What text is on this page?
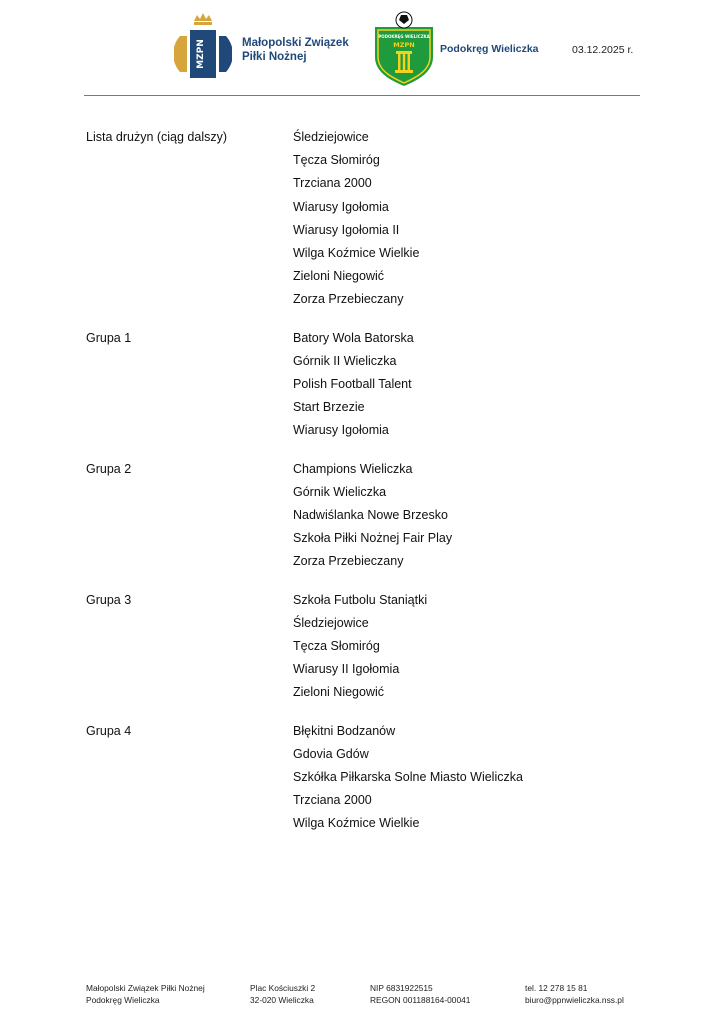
MZPN	Małopolski Związek
Piłki Nożnej
PODOKRĘG WIELICZKA
MZPN Podokręg Wieliczka	03.12.2025 r.
Lista drużyn (ciąg dalszy)	Śledziejowice
Tęcza Słomiróg
Trzciana 2000
Wiarusy Igołomia
Wiarusy Igołomia II
Wilga Koźmice Wielkie
Zieloni Niegowić
Zorza Przebieczany
Grupa 1	Batory Wola Batorska
Górnik II Wieliczka
Polish Football Talent
Start Brzezie
Wiarusy Igołomia
Grupa 2	Champions Wieliczka
Górnik Wieliczka
Nadwiślanka Nowe Brzesko
Szkoła Piłki Nożnej Fair Play
Zorza Przebieczany
Grupa 3	Szkoła Futbolu Staniątki
Śledziejowice
Tęcza Słomiróg
Wiarusy II Igołomia
Zieloni Niegowić
Grupa 4	Błękitni Bodzanów
Gdovia Gdów
Szkółka Piłkarska Solne Miasto Wieliczka
Trzciana 2000
Wilga Koźmice Wielkie
Małopolski Związek Piłki Nożnej
Podokręg Wieliczka
Plac Kościuszki 2
32-020 Wieliczka
NIP 6831922515
REGON 001188164-00041
tel. 12 278 15 81
biuro@ppnwieliczka.nss.pl
